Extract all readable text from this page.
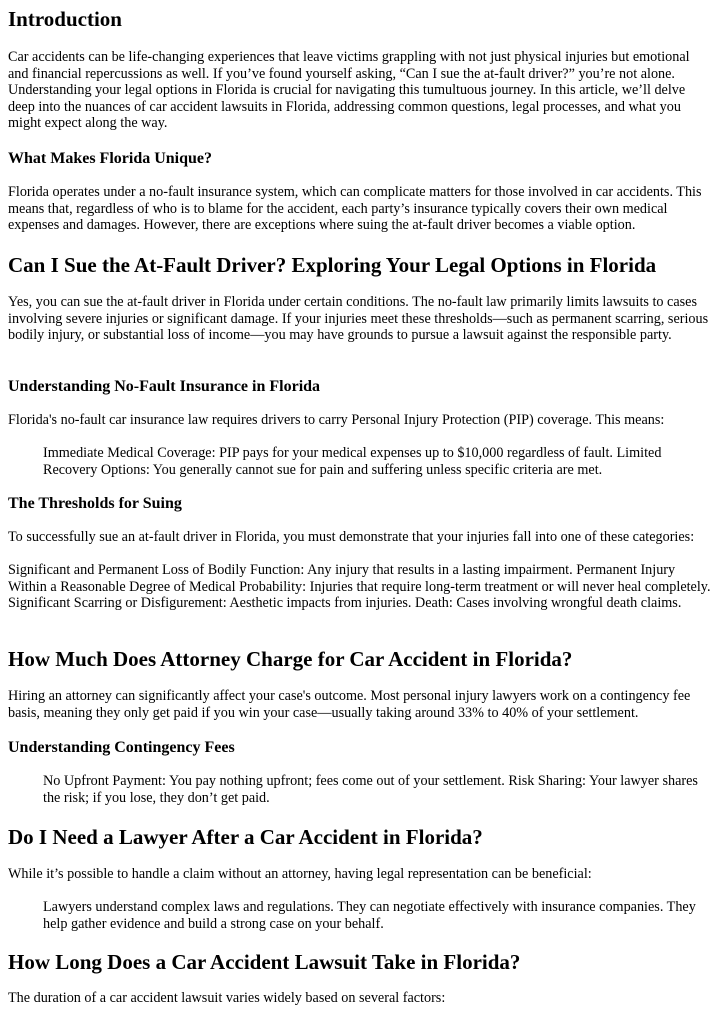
Introduction

Car accidents can be life-changing experiences that leave victims grappling with not just physical injuries but emotional and financial repercussions as well. If you’ve found yourself asking, “Can I sue the at-fault driver?” you’re not alone. Understanding your legal options in Florida is crucial for navigating this tumultuous journey. In this article, we’ll delve deep into the nuances of car accident lawsuits in Florida, addressing common questions, legal processes, and what you might expect along the way.

What Makes Florida Unique?

Florida operates under a no-fault insurance system, which can complicate matters for those involved in car accidents. This means that, regardless of who is to blame for the accident, each party’s insurance typically covers their own medical expenses and damages. However, there are exceptions where suing the at-fault driver becomes a viable option.

Can I Sue the At-Fault Driver? Exploring Your Legal Options in Florida

Yes, you can sue the at-fault driver in Florida under certain conditions. The no-fault law primarily limits lawsuits to cases involving severe injuries or significant damage. If your injuries meet these thresholds—such as permanent scarring, serious bodily injury, or substantial loss of income—you may have grounds to pursue a lawsuit against the responsible party.

Understanding No-Fault Insurance in Florida

Florida's no-fault car insurance law requires drivers to carry Personal Injury Protection (PIP) coverage. This means:

Immediate Medical Coverage: PIP pays for your medical expenses up to $10,000 regardless of fault. Limited Recovery Options: You generally cannot sue for pain and suffering unless specific criteria are met.

The Thresholds for Suing

To successfully sue an at-fault driver in Florida, you must demonstrate that your injuries fall into one of these categories:

Significant and Permanent Loss of Bodily Function: Any injury that results in a lasting impairment. Permanent Injury Within a Reasonable Degree of Medical Probability: Injuries that require long-term treatment or will never heal completely. Significant Scarring or Disfigurement: Aesthetic impacts from injuries. Death: Cases involving wrongful death claims.

How Much Does Attorney Charge for Car Accident in Florida?

Hiring an attorney can significantly affect your case's outcome. Most personal injury lawyers work on a contingency fee basis, meaning they only get paid if you win your case—usually taking around 33% to 40% of your settlement.

Understanding Contingency Fees

No Upfront Payment: You pay nothing upfront; fees come out of your settlement. Risk Sharing: Your lawyer shares the risk; if you lose, they don’t get paid.

Do I Need a Lawyer After a Car Accident in Florida?

While it’s possible to handle a claim without an attorney, having legal representation can be beneficial:

Lawyers understand complex laws and regulations. They can negotiate effectively with insurance companies. They help gather evidence and build a strong case on your behalf.

How Long Does a Car Accident Lawsuit Take in Florida?

The duration of a car accident lawsuit varies widely based on several factors:
